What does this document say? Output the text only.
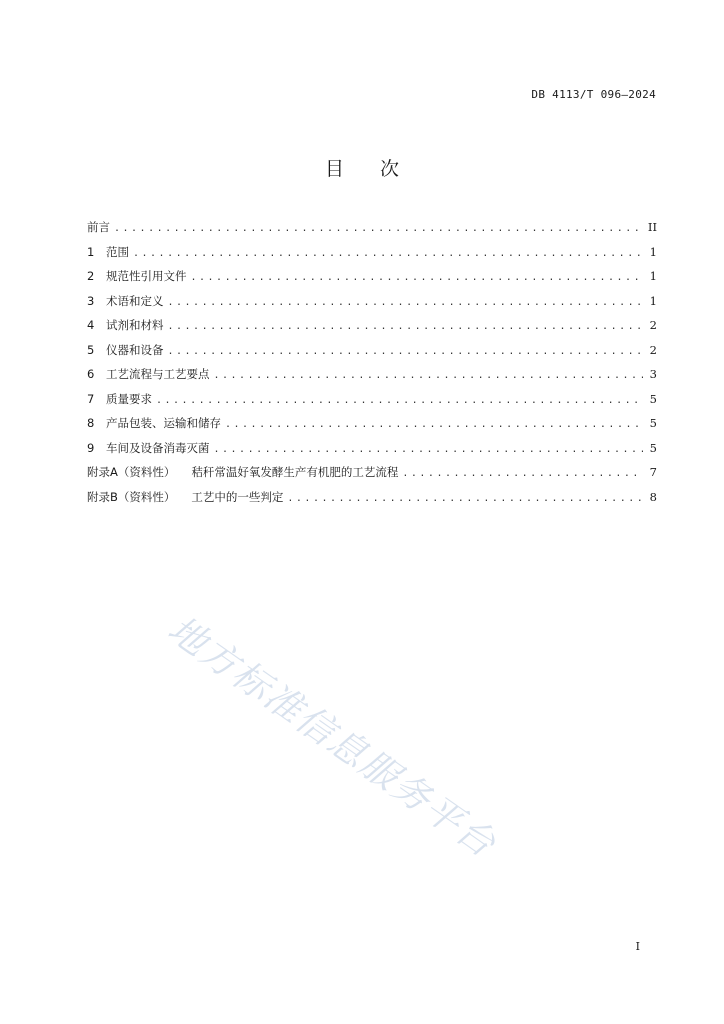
DB 4113/T 096—2024
目 次
前言 .....	II
1	范围 .....	1
2	规范性引用文件 .....	1
3	术语和定义 .....	1
4	试剂和材料 .....	2
5	仪器和设备 .....	2
6	工艺流程与工艺要点 .....	3
7	质量要求 .....	5
8	产品包装、运输和储存 .....	5
9	车间及设备消毒灭菌 .....	5
附录A（资料性） 秸秆常温好氧发酵生产有机肥的工艺流程 .....	7
附录B（资料性） 工艺中的一些判定 .....	8
地方标准信息服务平台
I
